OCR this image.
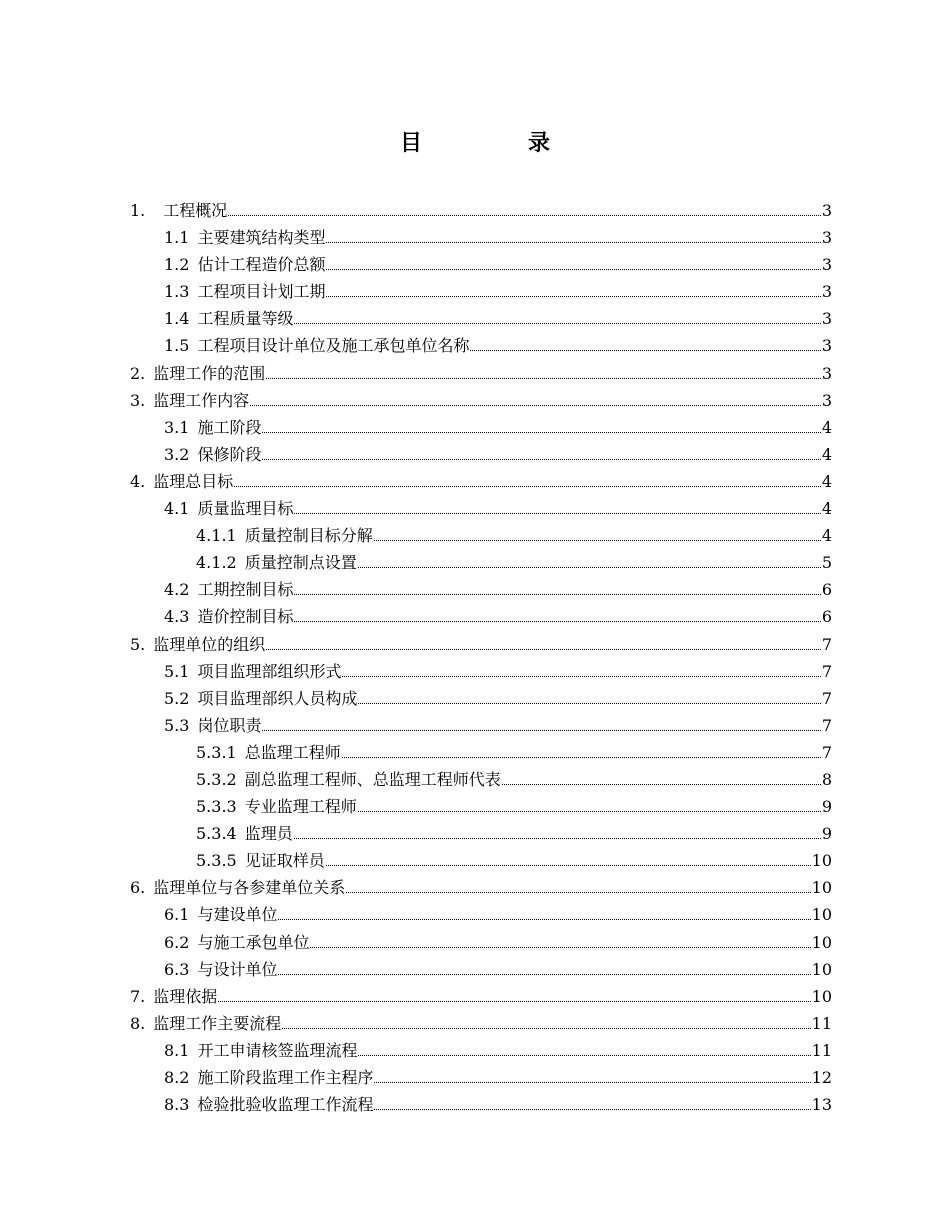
目　录
1. 工程概况	3
1.1 主要建筑结构类型	3
1.2 估计工程造价总额	3
1.3 工程项目计划工期	3
1.4 工程质量等级	3
1.5 工程项目设计单位及施工承包单位名称	3
2. 监理工作的范围	3
3. 监理工作内容	3
3.1 施工阶段	4
3.2 保修阶段	4
4. 监理总目标	4
4.1 质量监理目标	4
4.1.1 质量控制目标分解	4
4.1.2 质量控制点设置	5
4.2 工期控制目标	6
4.3 造价控制目标	6
5. 监理单位的组织	7
5.1 项目监理部组织形式	7
5.2 项目监理部织人员构成	7
5.3 岗位职责	7
5.3.1 总监理工程师	7
5.3.2 副总监理工程师、总监理工程师代表	8
5.3.3 专业监理工程师	9
5.3.4 监理员	9
5.3.5 见证取样员	10
6. 监理单位与各参建单位关系	10
6.1 与建设单位	10
6.2 与施工承包单位	10
6.3 与设计单位	10
7. 监理依据	10
8. 监理工作主要流程	11
8.1 开工申请核签监理流程	11
8.2 施工阶段监理工作主程序	12
8.3 检验批验收监理工作流程	13
